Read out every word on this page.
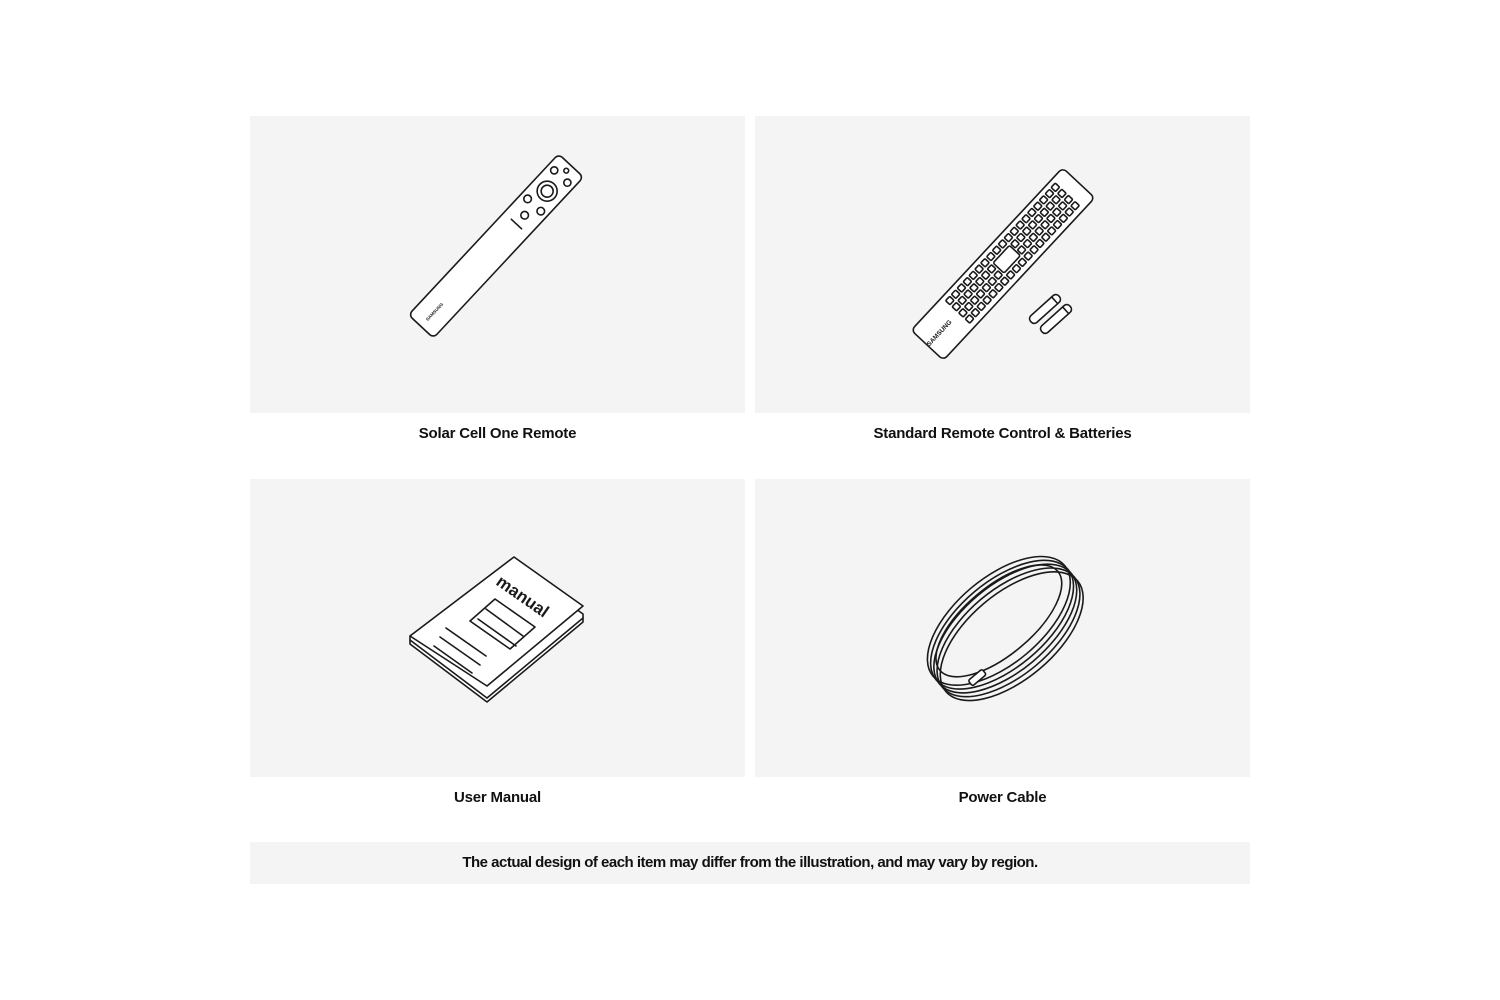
SAMSUNG
Solar Cell One Remote
SAMSUNG
Standard Remote Control & Batteries
manual
User Manual	Power Cable
The actual design of each item may differ from the illustration, and may vary by region.
